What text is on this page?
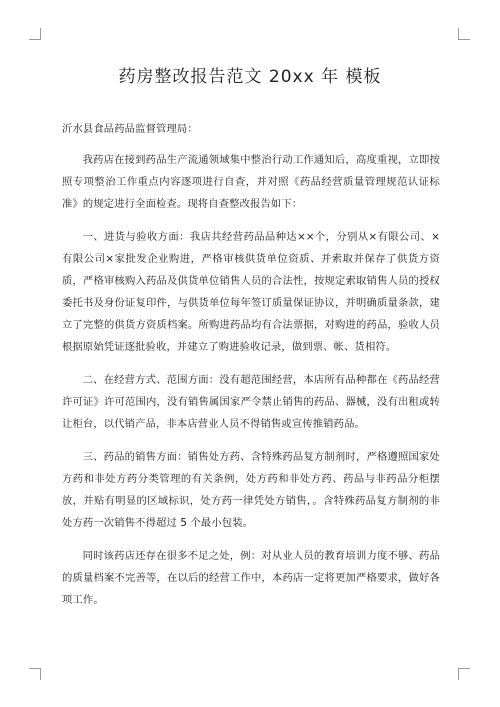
药房整改报告范文 20xx 年 模板

沂水县食品药品监督管理局：

我药店在接到药品生产流通领域集中整治行动工作通知后，高度重视，立即按照专项整治工作重点内容逐项进行自查，并对照《药品经营质量管理规范认证标准》的规定进行全面检查。现将自查整改报告如下：

一、进货与验收方面：我店共经营药品品种达××个，分别从×有限公司、×有限公司×家批发企业购进，严格审核供货单位资质、并索取并保存了供货方资质，严格审核购入药品及供货单位销售人员的合法性，按规定索取销售人员的授权委托书及身份证复印件，与供货单位每年签订质量保证协议，并明确质量条款，建立了完整的供货方资质档案。所购进药品均有合法票据，对购进的药品，验收人员根据原始凭证逐批验收，并建立了购进验收记录，做到票、帐、货相符。

二、在经营方式、范围方面：没有超范围经营，本店所有品种都在《药品经营许可证》许可范围内，没有销售属国家严令禁止销售的药品、器械，没有出租或转让柜台，以代销产品，非本店营业人员不得销售或宣传推销药品。

三、药品的销售方面：销售处方药、含特殊药品复方制剂时，严格遵照国家处方药和非处方药分类管理的有关条例，处方药和非处方药、药品与非药品分柜摆放，并贴有明显的区域标识，处方药一律凭处方销售，。含特殊药品复方制剂的非处方药一次销售不得超过 5 个最小包装。

同时该药店还存在很多不足之处，例：对从业人员的教育培训力度不够、药品的质量档案不完善等，在以后的经营工作中，本药店一定将更加严格要求，做好各项工作。
